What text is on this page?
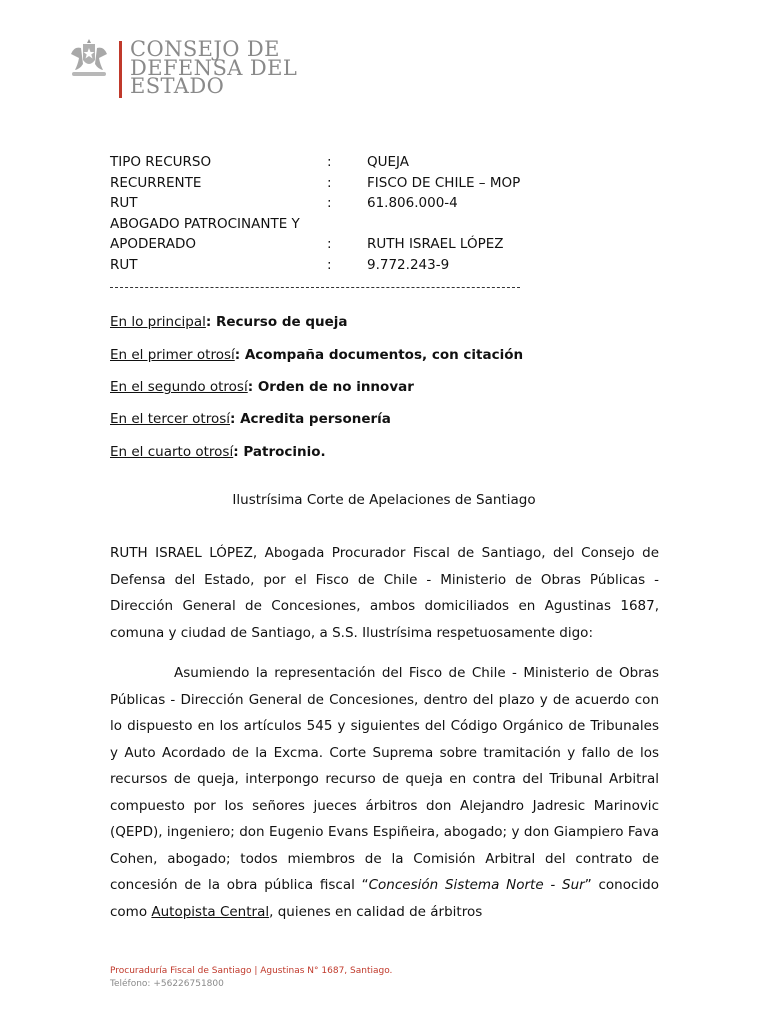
CONSEJO DE
DEFENSA DEL
ESTADO
TIPO RECURSO	:	QUEJA
RECURRENTE	:	FISCO DE CHILE – MOP
RUT	:	61.806.000-4
ABOGADO PATROCINANTE Y
APODERADO	:	RUTH ISRAEL LÓPEZ
RUT	:	9.772.243-9
En lo principal: Recurso de queja
En el primer otrosí: Acompaña documentos, con citación
En el segundo otrosí: Orden de no innovar
En el tercer otrosí: Acredita personería
En el cuarto otrosí: Patrocinio.
Ilustrísima Corte de Apelaciones de Santiago

RUTH ISRAEL LÓPEZ, Abogada Procurador Fiscal de Santiago, del Consejo de Defensa del Estado, por el Fisco de Chile - Ministerio de Obras Públicas - Dirección General de Concesiones, ambos domiciliados en Agustinas 1687, comuna y ciudad de Santiago, a S.S. Ilustrísima respetuosamente digo:

Asumiendo la representación del Fisco de Chile - Ministerio de Obras Públicas - Dirección General de Concesiones, dentro del plazo y de acuerdo con lo dispuesto en los artículos 545 y siguientes del Código Orgánico de Tribunales y Auto Acordado de la Excma. Corte Suprema sobre tramitación y fallo de los recursos de queja, interpongo recurso de queja en contra del Tribunal Arbitral compuesto por los señores jueces árbitros don Alejandro Jadresic Marinovic (QEPD), ingeniero; don Eugenio Evans Espiñeira, abogado; y don Giampiero Fava Cohen, abogado; todos miembros de la Comisión Arbitral del contrato de concesión de la obra pública fiscal “Concesión Sistema Norte - Sur” conocido como Autopista Central, quienes en calidad de árbitros

Procuraduría Fiscal de Santiago | Agustinas N° 1687, Santiago.
Teléfono: +56226751800
